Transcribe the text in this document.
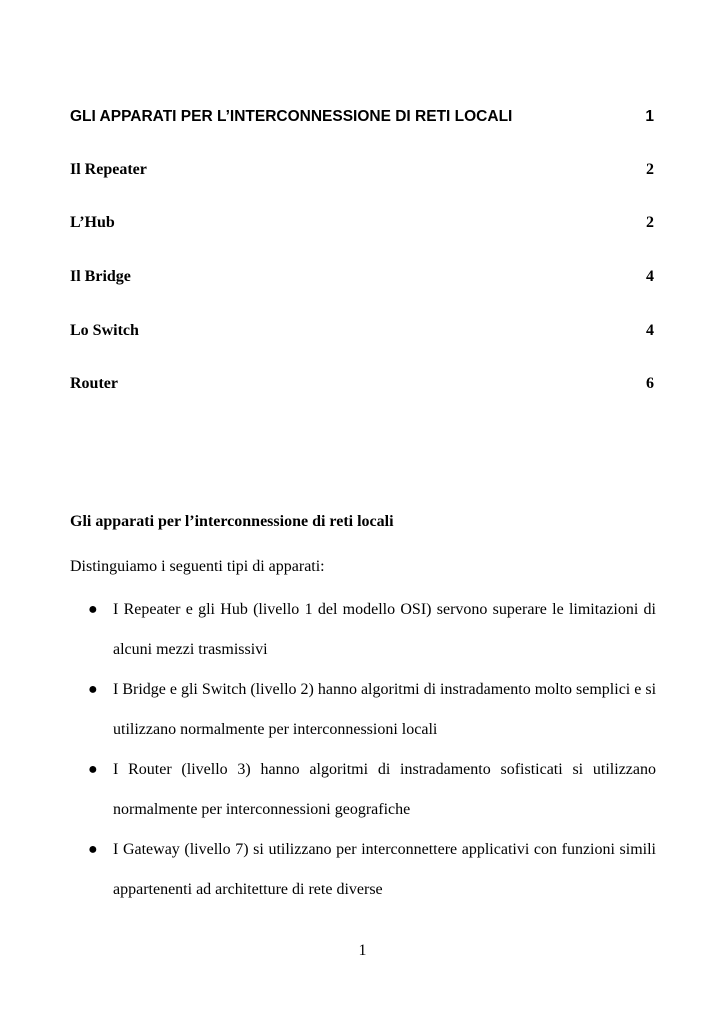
GLI APPARATI PER L’INTERCONNESSIONE DI RETI LOCALI	1
Il Repeater	2
L’Hub	2
Il Bridge	4
Lo Switch	4
Router	6
Gli apparati per l’interconnessione di reti locali
Distinguiamo i seguenti tipi di apparati:
● I Repeater e gli Hub (livello 1 del modello OSI) servono superare le limitazioni di alcuni mezzi trasmissivi
● I Bridge e gli Switch (livello 2) hanno algoritmi di instradamento molto semplici e si utilizzano normalmente per interconnessioni locali
● I Router (livello 3) hanno algoritmi di instradamento sofisticati si utilizzano normalmente per interconnessioni geografiche
● I Gateway (livello 7) si utilizzano per interconnettere applicativi con funzioni simili appartenenti ad architetture di rete diverse
1
